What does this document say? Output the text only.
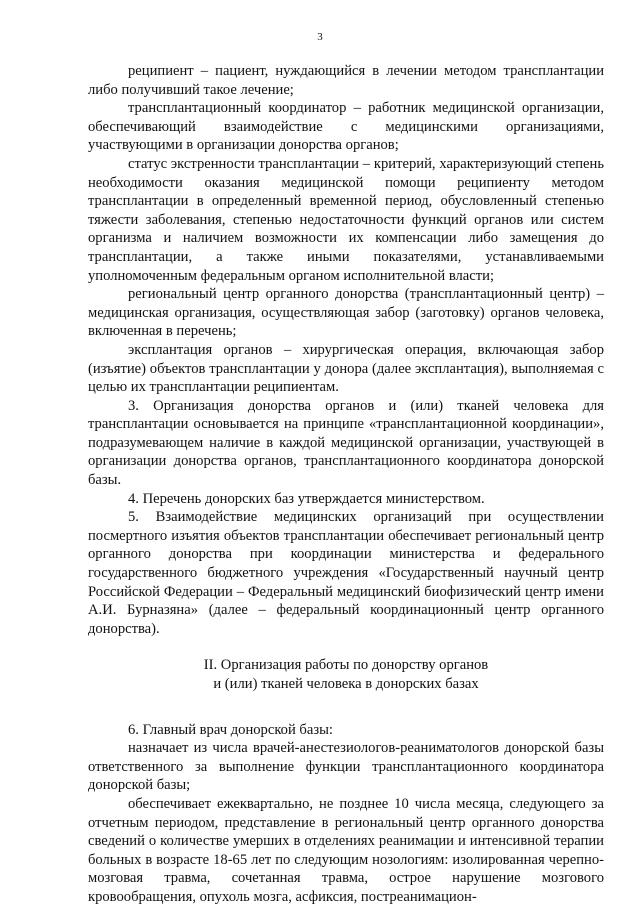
3

реципиент – пациент, нуждающийся в лечении методом трансплантации либо получивший такое лечение;

трансплантационный координатор – работник медицинской организации, обеспечивающий взаимодействие с медицинскими организациями, участвующими в организации донорства органов;

статус экстренности трансплантации – критерий, характеризующий степень необходимости оказания медицинской помощи реципиенту методом трансплантации в определенный временной период, обусловленный степенью тяжести заболевания, степенью недостаточности функций органов или систем организма и наличием возможности их компенсации либо замещения до трансплантации, а также иными показателями, устанавливаемыми уполномоченным федеральным органом исполнительной власти;

региональный центр органного донорства (трансплантационный центр) – медицинская организация, осуществляющая забор (заготовку) органов человека, включенная в перечень;

эксплантация органов – хирургическая операция, включающая забор (изъятие) объектов трансплантации у донора (далее эксплантация), выполняемая с целью их трансплантации реципиентам.

3. Организация донорства органов и (или) тканей человека для трансплантации основывается на принципе «трансплантационной координации», подразумевающем наличие в каждой медицинской организации, участвующей в организации донорства органов, трансплантационного координатора донорской базы.

4. Перечень донорских баз утверждается министерством.

5. Взаимодействие медицинских организаций при осуществлении посмертного изъятия объектов трансплантации обеспечивает региональный центр органного донорства при координации министерства и федерального государственного бюджетного учреждения «Государственный научный центр Российской Федерации – Федеральный медицинский биофизический центр имени А.И. Бурназяна» (далее – федеральный координационный центр органного донорства).

II. Организация работы по донорству органов
и (или) тканей человека в донорских базах

6. Главный врач донорской базы:

назначает из числа врачей-анестезиологов-реаниматологов донорской базы ответственного за выполнение функции трансплантационного координатора донорской базы;

обеспечивает ежеквартально, не позднее 10 числа месяца, следующего за отчетным периодом, представление в региональный центр органного донорства сведений о количестве умерших в отделениях реанимации и интенсивной терапии больных в возрасте 18-65 лет по следующим нозологиям: изолированная черепно-мозговая травма, сочетанная травма, острое нарушение мозгового кровообращения, опухоль мозга, асфиксия, постреанимацион-
